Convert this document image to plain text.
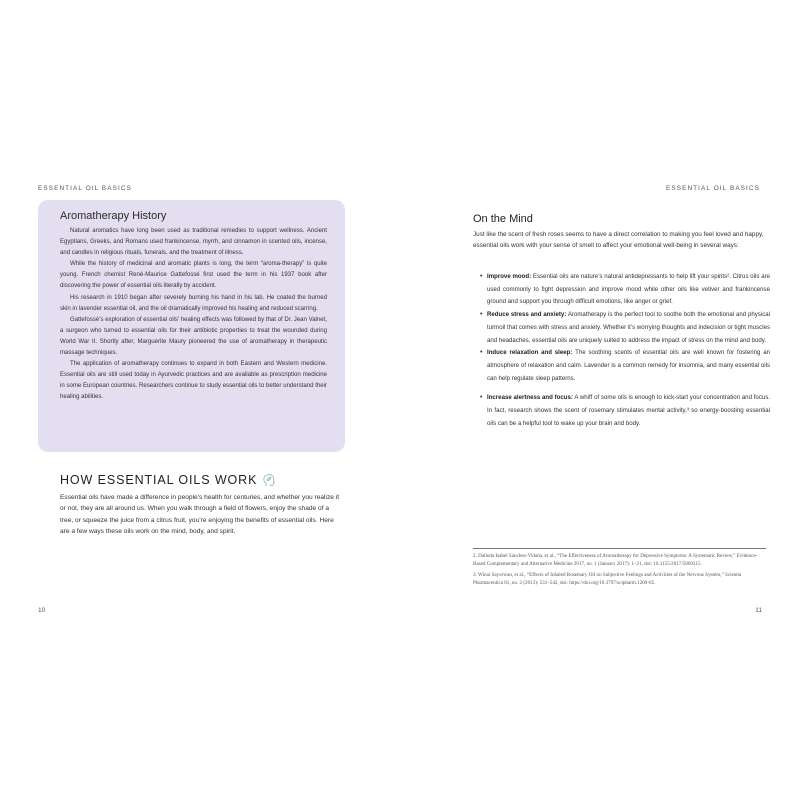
ESSENTIAL OIL BASICS
Aromatherapy History

Natural aromatics have long been used as traditional remedies to support wellness. Ancient Egyptians, Greeks, and Romans used frankincense, myrrh, and cinnamon in scented oils, incense, and candles in religious rituals, funerals, and the treatment of illness.

While the history of medicinal and aromatic plants is long, the term “aroma-therapy” is quite young. French chemist René-Maurice Gattefossé first used the term in his 1937 book after discovering the power of essential oils literally by accident.

His research in 1910 began after severely burning his hand in his lab. He coated the burned skin in lavender essential oil, and the oil dramatically improved his healing and reduced scarring.

Gattefossé’s exploration of essential oils’ healing effects was followed by that of Dr. Jean Valnet, a surgeon who turned to essential oils for their antibiotic properties to treat the wounded during World War II. Shortly after, Marguerite Maury pioneered the use of aromatherapy in therapeutic massage techniques.

The application of aromatherapy continues to expand in both Eastern and Western medicine. Essential oils are still used today in Ayurvedic practices and are available as prescription medicine in some European countries. Researchers continue to study essential oils to better understand their healing abilities.

HOW ESSENTIAL OILS WORK
Essential oils have made a difference in people’s health for centuries, and whether you realize it or not, they are all around us. When you walk through a field of flowers, enjoy the shade of a tree, or squeeze the juice from a citrus fruit, you’re enjoying the benefits of essential oils. Here are a few ways these oils work on the mind, body, and spirit.
10
ESSENTIAL OIL BASICS
11
On the Mind
Just like the scent of fresh roses seems to have a direct correlation to making you feel loved and happy, essential oils work with your sense of smell to affect your emotional well-being in several ways:
• Improve mood: Essential oils are nature’s natural antidepressants to help lift your spirits². Citrus oils are used commonly to fight depression and improve mood while other oils like vetiver and frankincense ground and support you through difficult emotions, like anger or grief.
• Reduce stress and anxiety: Aromatherapy is the perfect tool to soothe both the emotional and physical turmoil that comes with stress and anxiety. Whether it’s worrying thoughts and indecision or tight muscles and headaches, essential oils are uniquely suited to address the impact of stress on the mind and body.
• Induce relaxation and sleep: The soothing scents of essential oils are well known for fostering an atmosphere of relaxation and calm. Lavender is a common remedy for insomnia, and many essential oils can help regulate sleep patterns.
• Increase alertness and focus: A whiff of some oils is enough to kick-start your concentration and focus. In fact, research shows the scent of rosemary stimulates mental activity,³ so energy-boosting essential oils can be a helpful tool to wake up your brain and body.

2. Dalinda Isabel Sánchez-Vidaña, et al., “The Effectiveness of Aromatherapy for Depressive Symptoms: A Systematic Review,” Evidence-Based Complementary and Alternative Medicine 2017, no. 1 (January 2017): 1–21, doi: 10.1155/2017/5869315.

3. Winai Sayorwan, et al., “Effects of Inhaled Rosemary Oil on Subjective Feelings and Activities of the Nervous System,” Scientia Pharmaceutica 81, no. 2 (2013): 531–542, doi: https://doi.org/10.3797/scipharm.1209-05.
